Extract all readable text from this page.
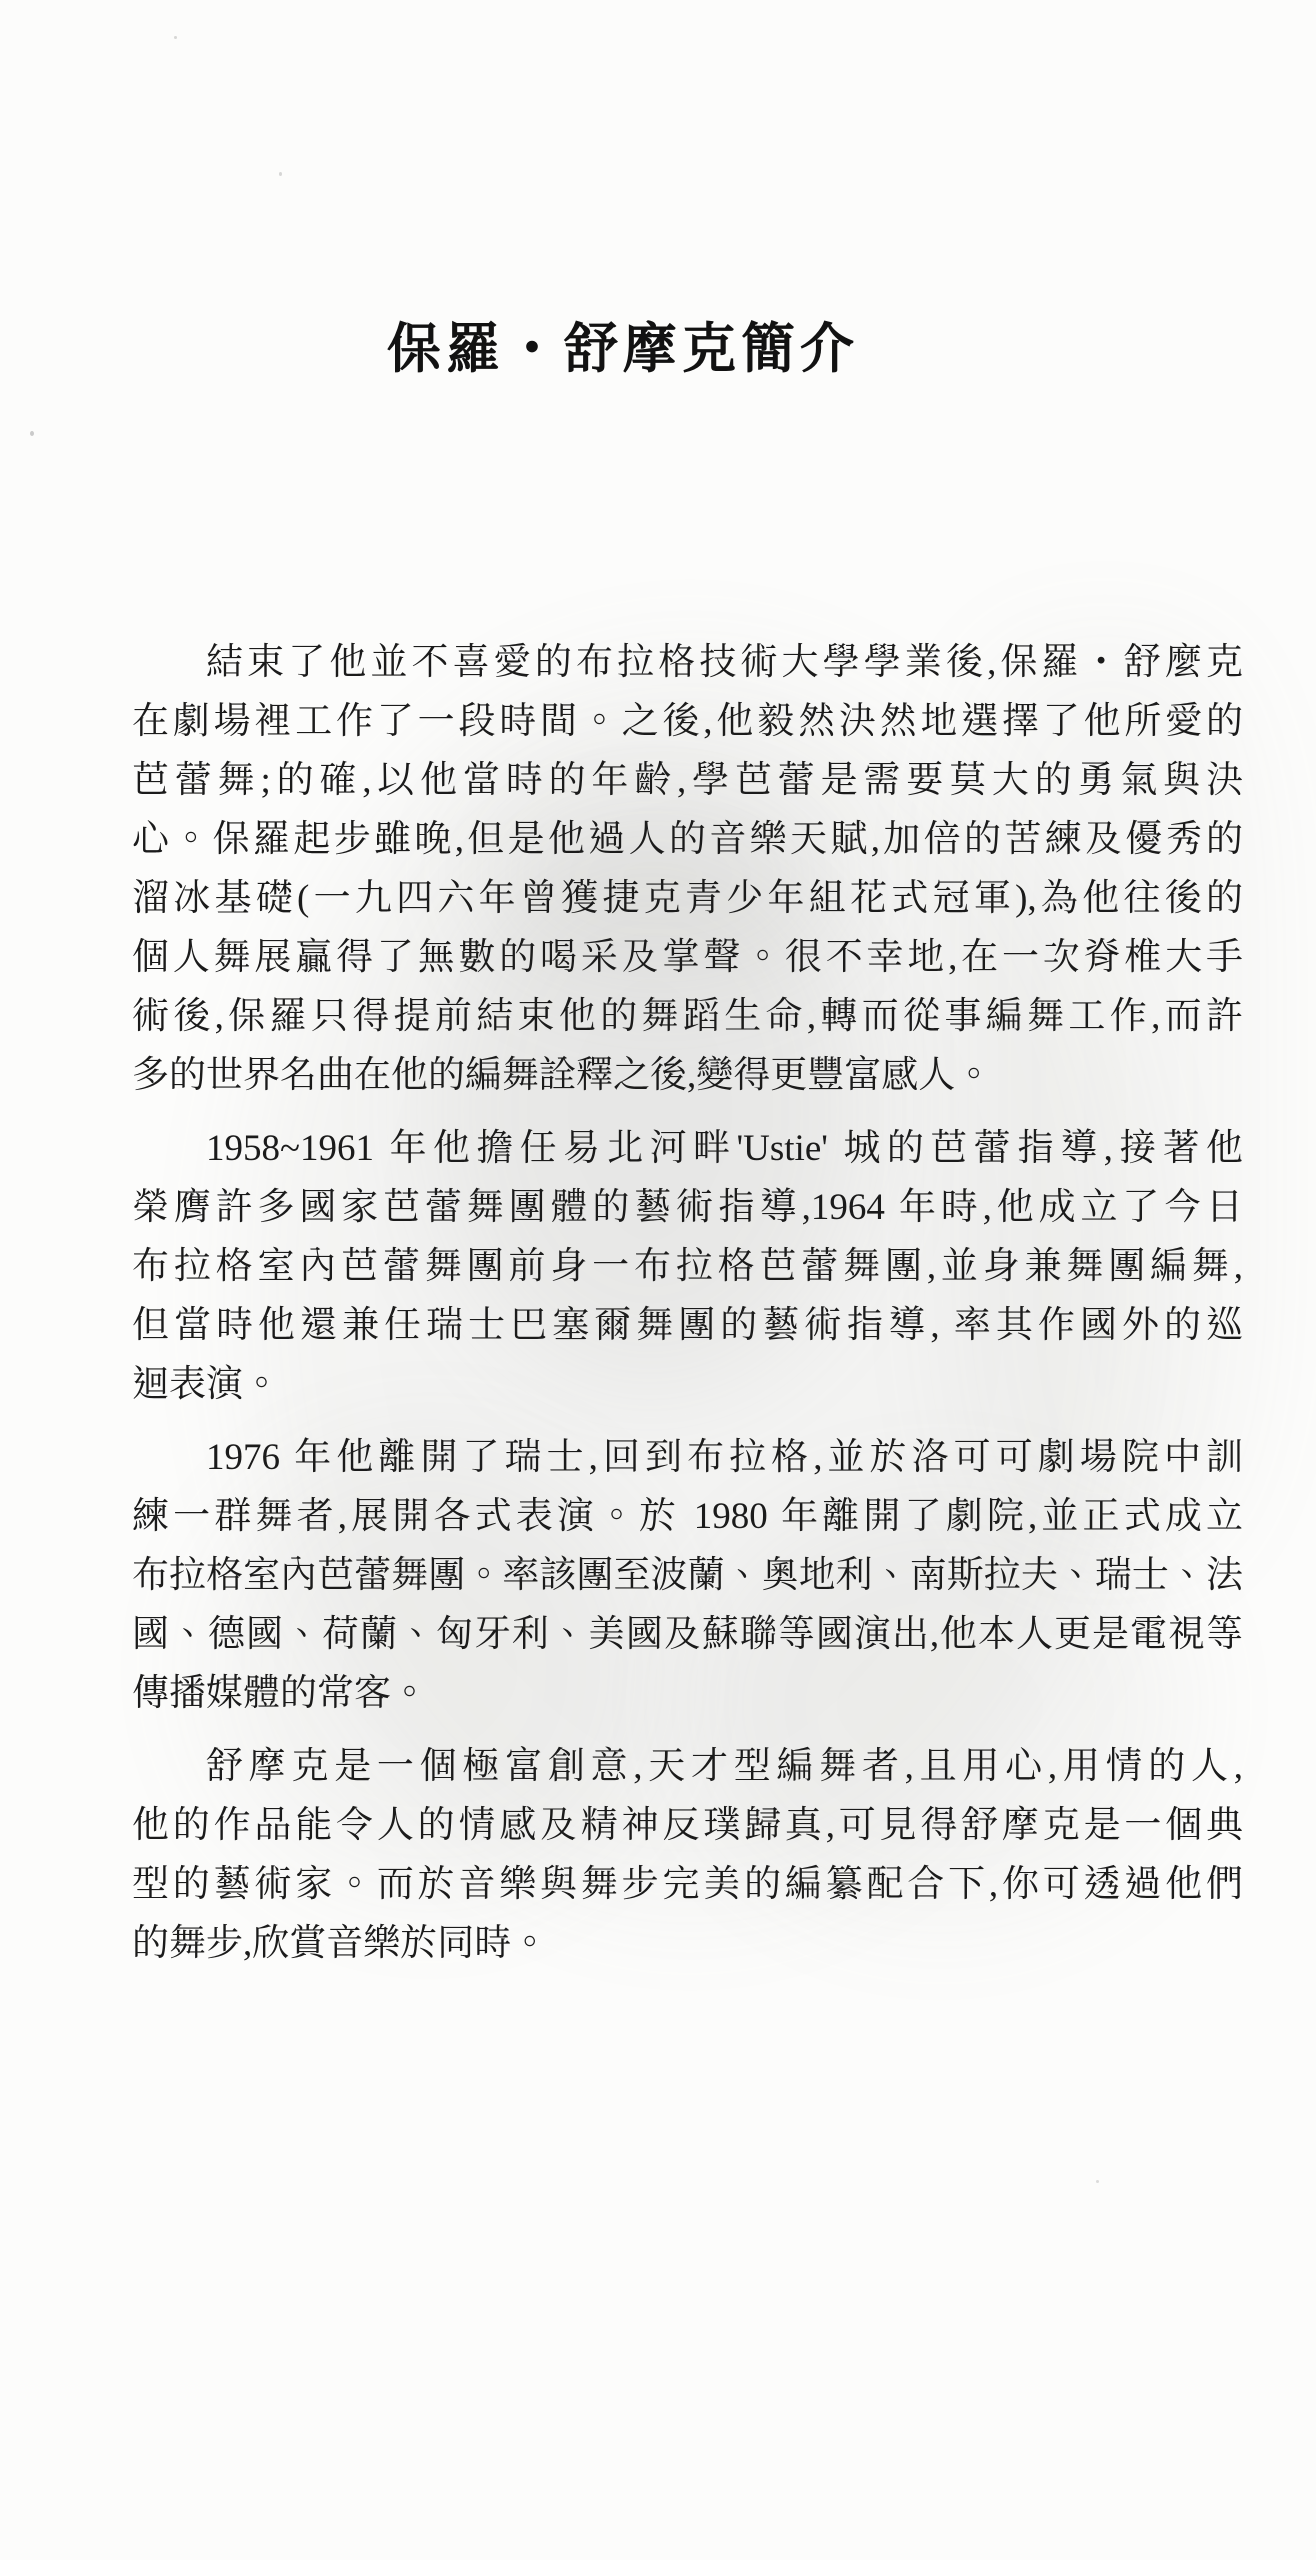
保羅・舒摩克簡介
結束了他並不喜愛的布拉格技術大學學業後,保羅・舒麼克
在劇場裡工作了一段時間。之後,他毅然決然地選擇了他所愛的
芭蕾舞;的確,以他當時的年齡,學芭蕾是需要莫大的勇氣與決
心。保羅起步雖晚,但是他過人的音樂天賦,加倍的苦練及優秀的
溜冰基礎(一九四六年曾獲捷克青少年組花式冠軍),為他往後的
個人舞展贏得了無數的喝采及掌聲。很不幸地,在一次脊椎大手
術後,保羅只得提前結束他的舞蹈生命,轉而從事編舞工作,而許
多的世界名曲在他的編舞詮釋之後,變得更豐富感人。
1958~1961 年他擔任易北河畔'Ustie' 城的芭蕾指導,接著他
榮膺許多國家芭蕾舞團體的藝術指導,1964 年時,他成立了今日
布拉格室內芭蕾舞團前身一布拉格芭蕾舞團,並身兼舞團編舞,
但當時他還兼任瑞士巴塞爾舞團的藝術指導, 率其作國外的巡
迴表演。
1976 年他離開了瑞士,回到布拉格,並於洛可可劇場院中訓
練一群舞者,展開各式表演。於 1980 年離開了劇院,並正式成立
布拉格室內芭蕾舞團。率該團至波蘭、奧地利、南斯拉夫、瑞士、法
國、德國、荷蘭、匈牙利、美國及蘇聯等國演出,他本人更是電視等
傳播媒體的常客。
舒摩克是一個極富創意,天才型編舞者,且用心,用情的人,
他的作品能令人的情感及精神反璞歸真,可見得舒摩克是一個典
型的藝術家。而於音樂與舞步完美的編纂配合下,你可透過他們
的舞步,欣賞音樂於同時。
